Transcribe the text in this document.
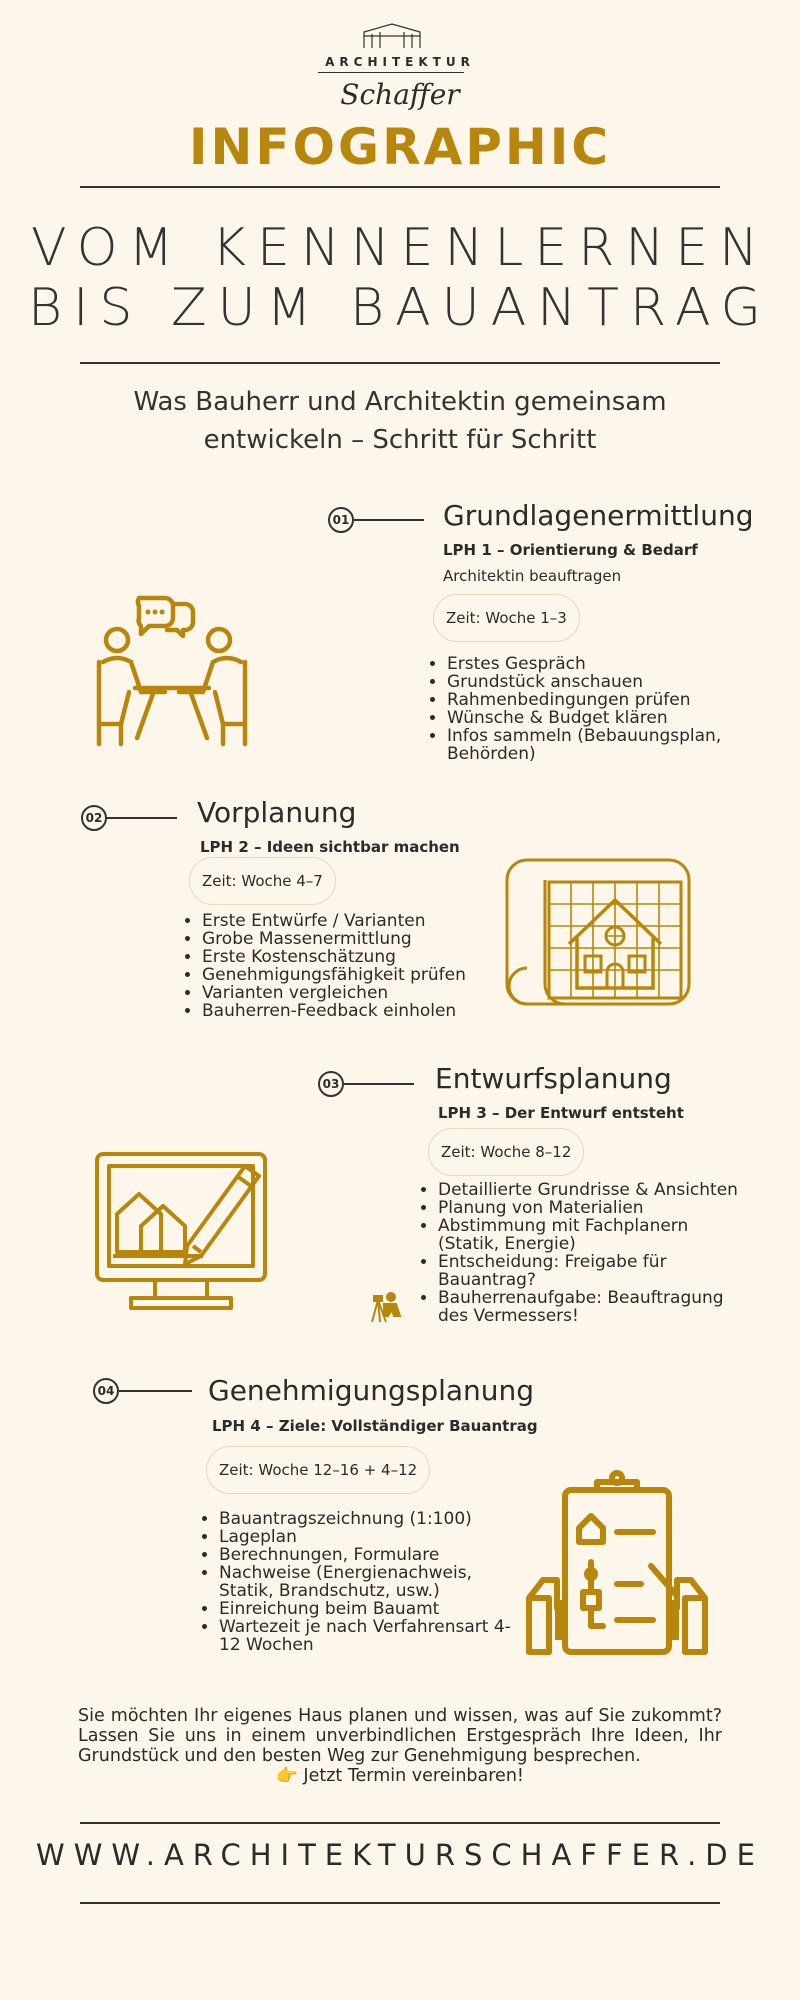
ARCHITEKTUR
Schaffer
INFOGRAPHIC
VOM KENNENLERNEN
BIS ZUM BAUANTRAG
Was Bauherr und Architektin gemeinsam entwickeln – Schritt für Schritt
01	Grundlagenermittlung
LPH 1 – Orientierung & Bedarf
Architektin beauftragen
Zeit: Woche 1–3
• Erstes Gespräch
• Grundstück anschauen
• Rahmenbedingungen prüfen
• Wünsche & Budget klären
• Infos sammeln (Bebauungsplan, Behörden)
02	Vorplanung
LPH 2 – Ideen sichtbar machen
Zeit: Woche 4–7
• Erste Entwürfe / Varianten
• Grobe Massenermittlung
• Erste Kostenschätzung
• Genehmigungsfähigkeit prüfen
• Varianten vergleichen
• Bauherren-Feedback einholen
03	Entwurfsplanung
LPH 3 – Der Entwurf entsteht
Zeit: Woche 8–12
• Detaillierte Grundrisse & Ansichten
• Planung von Materialien
• Abstimmung mit Fachplanern (Statik, Energie)
• Entscheidung: Freigabe für Bauantrag?
• Bauherrenaufgabe: Beauftragung des Vermessers!
04	Genehmigungsplanung
LPH 4 – Ziele: Vollständiger Bauantrag
Zeit: Woche 12–16 + 4–12
• Bauantragszeichnung (1:100)
• Lageplan
• Berechnungen, Formulare
• Nachweise (Energienachweis, Statik, Brandschutz, usw.)
• Einreichung beim Bauamt
• Wartezeit je nach Verfahrensart 4-12 Wochen

Sie möchten Ihr eigenes Haus planen und wissen, was auf Sie zukommt? Lassen Sie uns in einem unverbindlichen Erstgespräch Ihre Ideen, Ihr Grundstück und den besten Weg zur Genehmigung besprechen.

👉 Jetzt Termin vereinbaren!

WWW.ARCHITEKTURSCHAFFER.DE
